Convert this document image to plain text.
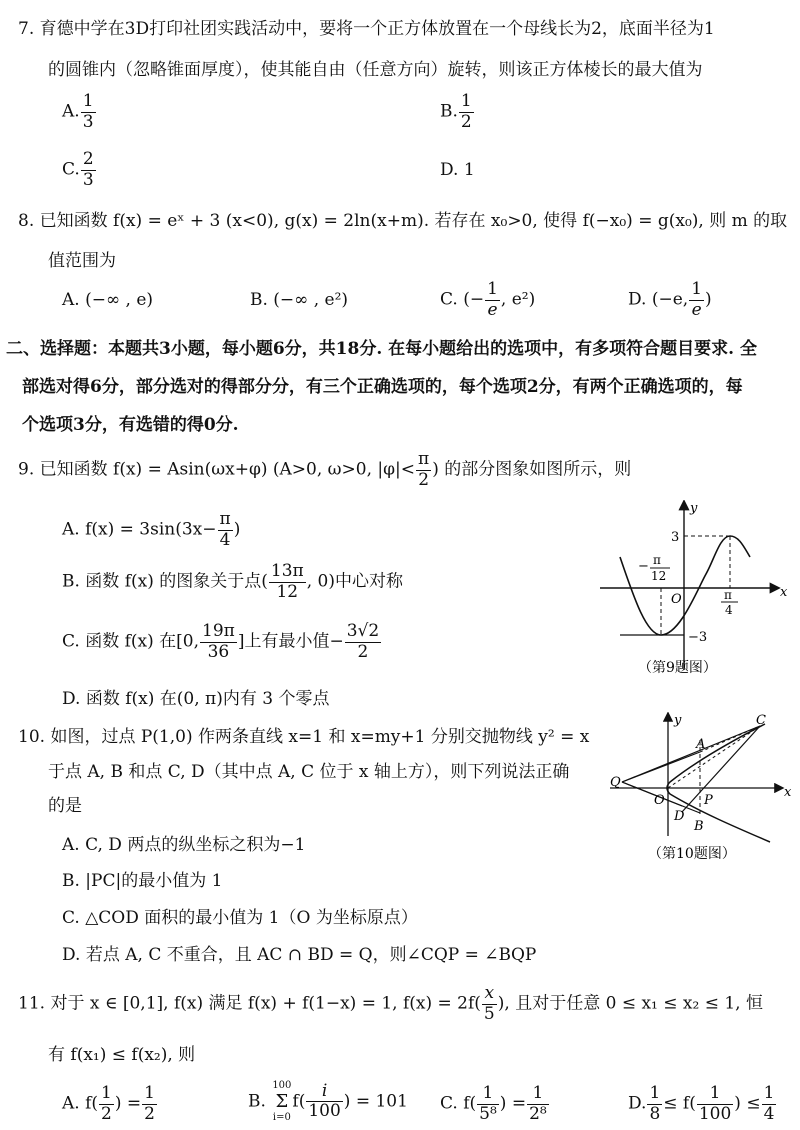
7. 育德中学在3D打印社团实践活动中，要将一个正方体放置在一个母线长为2，底面半径为1
的圆锥内（忽略锥面厚度），使其能自由（任意方向）旋转，则该正方体棱长的最大值为
A. $\frac{1}{3}$	B. $\frac{1}{2}$
C. $\frac{2}{3}$	D. 1
8. 已知函数 f(x) = eˣ + 3 (x<0), g(x) = 2ln(x+m). 若存在 x₀>0, 使得 f(−x₀) = g(x₀), 则 m 的取
值范围为
A. (−∞ , e)	B. (−∞ , e²)	C. (− $\frac{1}{e}$ , e²)	D. (−e, $\frac{1}{e}$ )
二、选择题：本题共3小题，每小题6分，共18分. 在每小题给出的选项中，有多项符合题目要求. 全
部选对得6分，部分选对的得部分分，有三个正确选项的，每个选项2分，有两个正确选项的，每
个选项3分，有选错的得0分.
9. 已知函数 f(x) = Asin(ωx+φ) (A>0, ω>0, $|\varphi|< \frac{\pi}{2}$ ) 的部分图象如图所示，则
A. $f(x) = 3\sin(3x- \frac{\pi}{4}$ )
B. 函数 f(x) 的图象关于点( $\frac{13\pi}{12}$ , 0)中心对称
C. 函数 f(x) 在[0, $\frac{19\pi}{36}$ ]上有最小值− $\frac{3√2}{2}$
D. 函数 f(x) 在(0, π)内有 3 个零点
y
x
O
3
−3
− π
12
π
4
（第9题图）
10. 如图，过点 P(1,0) 作两条直线 x=1 和 x=my+1 分别交抛物线 y² = x
于点 A, B 和点 C, D（其中点 A, C 位于 x 轴上方），则下列说法正确
的是
A. C, D 两点的纵坐标之积为−1
B. |PC|的最小值为 1
C. △COD 面积的最小值为 1（O 为坐标原点）
D. 若点 A, C 不重合，且 AC ∩ BD = Q，则∠CQP = ∠BQP
y
x
C
A
Q
O	P
D
B
（第10题图）
11. 对于 x ∈ [0,1], f(x) 满足 f(x) + f(1−x) = 1, $f(x) = 2f( \frac{x}{5}$ ), 且对于任意 0 ≤ x₁ ≤ x₂ ≤ 1, 恒
有 f(x₁) ≤ f(x₂), 则
A. $f( \frac{1}{2}$ ) = $\frac{1}{2}$	B.
100
Σ
i=0
$f( \frac{i}{100}$ ) = 101 C. $f( \frac{1}{\text{5⁸}}$ ) = $\frac{1}{\text{2⁸}}$	D. $\frac{1}{8} \le f( \frac{1}{100}$ ) ≤ $\frac{1}{4}$
